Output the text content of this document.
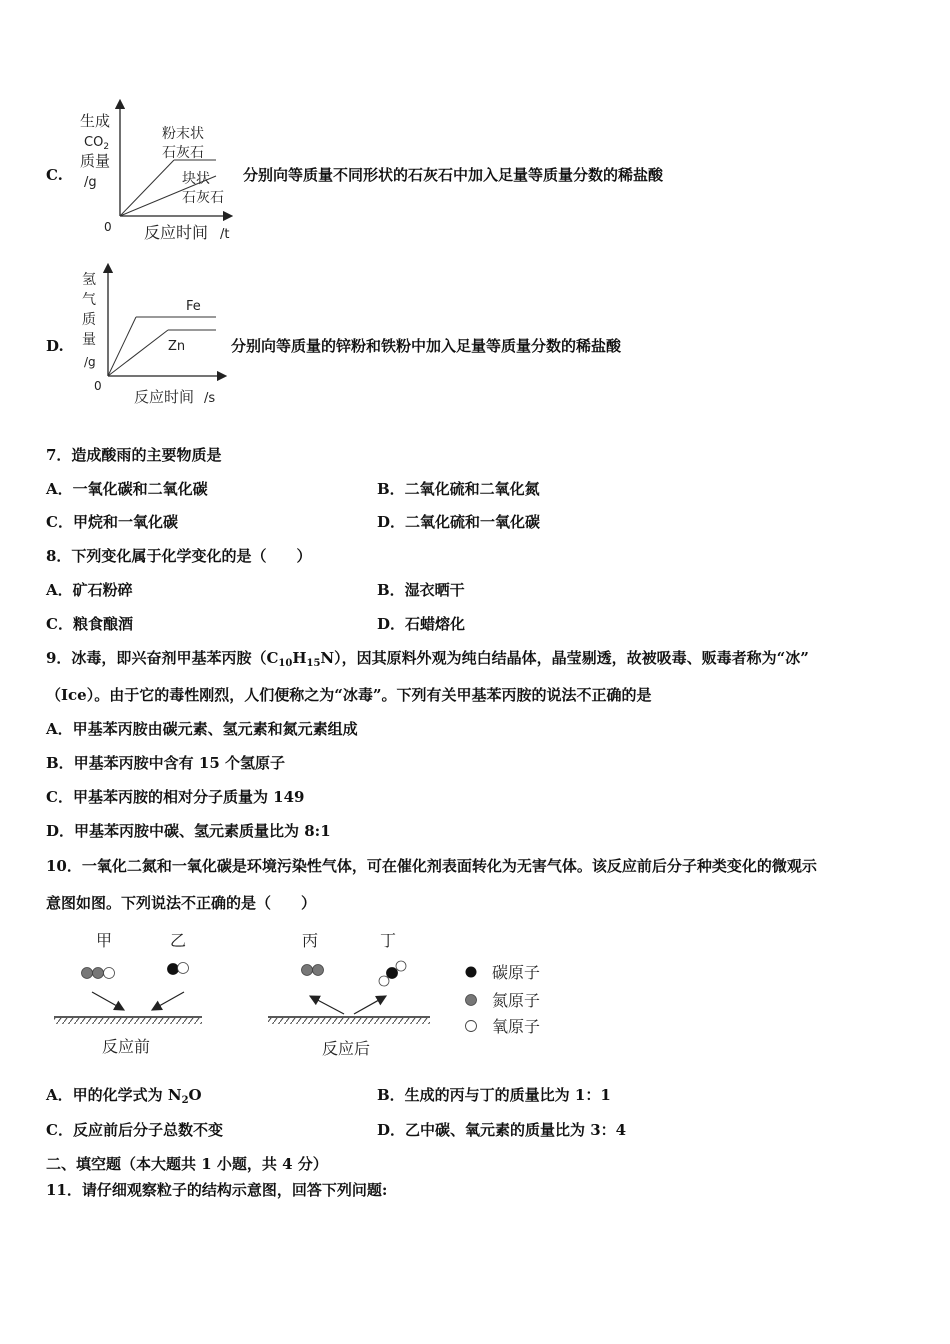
C.
生成
$CO_2$
质量
/g
0 反应时间 /t
粉末状
石灰石
块状
石灰石
分别向等质量不同形状的石灰石中加入足量等质量分数的稀盐酸
D.
氢
气
质
量
/g
0
反应时间 /s
Fe
Zn	分别向等质量的锌粉和铁粉中加入足量等质量分数的稀盐酸
7．造成酸雨的主要物质是
A．一氧化碳和二氧化碳	B．二氧化硫和二氧化氮
C．甲烷和一氧化碳	D．二氧化硫和一氧化碳
8．下列变化属于化学变化的是（　　）
A．矿石粉碎	B．湿衣晒干
C．粮食酿酒	D．石蜡熔化
9．冰毒，即兴奋剂甲基苯丙胺$(C_{10}H_{15}N)$，因其原料外观为纯白结晶体，晶莹剔透，故被吸毒、贩毒者称为“冰”
（Ice）。由于它的毒性刚烈，人们便称之为“冰毒”。下列有关甲基苯丙胺的说法不正确的是
A．甲基苯丙胺由碳元素、氢元素和氮元素组成
B．甲基苯丙胺中含有 15 个氢原子
C．甲基苯丙胺的相对分子质量为 149
D．甲基苯丙胺中碳、氢元素质量比为 8:1
10．一氧化二氮和一氧化碳是环境污染性气体，可在催化剂表面转化为无害气体。该反应前后分子种类变化的微观示
意图如图。下列说法不正确的是（　　）
甲	乙	丙	丁
反应前	反应后
碳原子
氮原子
氧原子
A．甲的化学式为 $N_2O$	B．生成的丙与丁的质量比为 1：1
C．反应前后分子总数不变	D．乙中碳、氧元素的质量比为 3：4
二、填空题（本大题共 1 小题，共 4 分）
11．请仔细观察粒子的结构示意图，回答下列问题:
